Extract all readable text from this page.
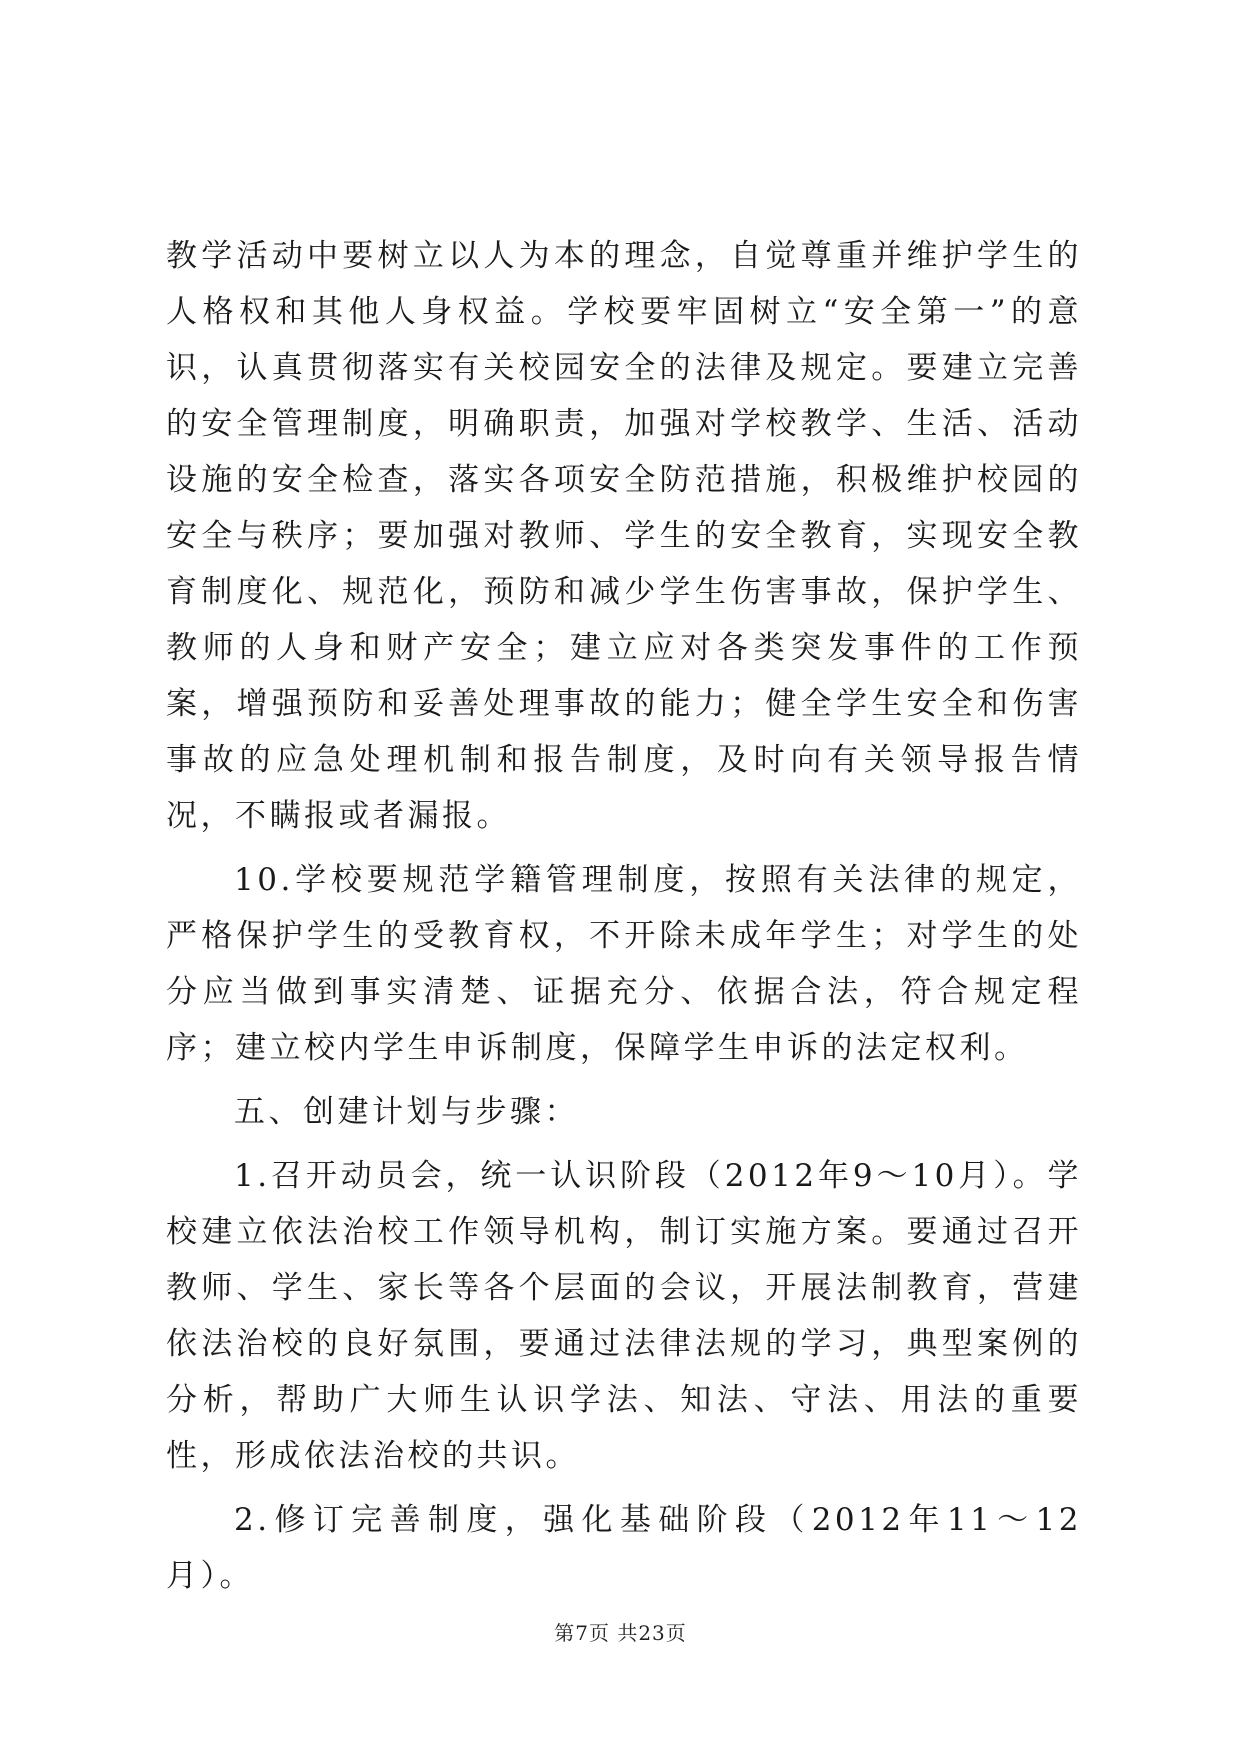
教学活动中要树立以人为本的理念，自觉尊重并维护学生的人格权和其他人身权益。学校要牢固树立“安全第一”的意识，认真贯彻落实有关校园安全的法律及规定。要建立完善的安全管理制度，明确职责，加强对学校教学、生活、活动设施的安全检查，落实各项安全防范措施，积极维护校园的安全与秩序；要加强对教师、学生的安全教育，实现安全教育制度化、规范化，预防和减少学生伤害事故，保护学生、教师的人身和财产安全；建立应对各类突发事件的工作预案，增强预防和妥善处理事故的能力；健全学生安全和伤害事故的应急处理机制和报告制度，及时向有关领导报告情况，不瞒报或者漏报。

10.学校要规范学籍管理制度，按照有关法律的规定，严格保护学生的受教育权，不开除未成年学生；对学生的处分应当做到事实清楚、证据充分、依据合法，符合规定程序；建立校内学生申诉制度，保障学生申诉的法定权利。

五、创建计划与步骤：

1.召开动员会，统一认识阶段（2012年9～10月）。学校建立依法治校工作领导机构，制订实施方案。要通过召开教师、学生、家长等各个层面的会议，开展法制教育，营建依法治校的良好氛围，要通过法律法规的学习，典型案例的分析，帮助广大师生认识学法、知法、守法、用法的重要性，形成依法治校的共识。

2.修订完善制度，强化基础阶段（2012年11～12月）。

第7页 共23页
